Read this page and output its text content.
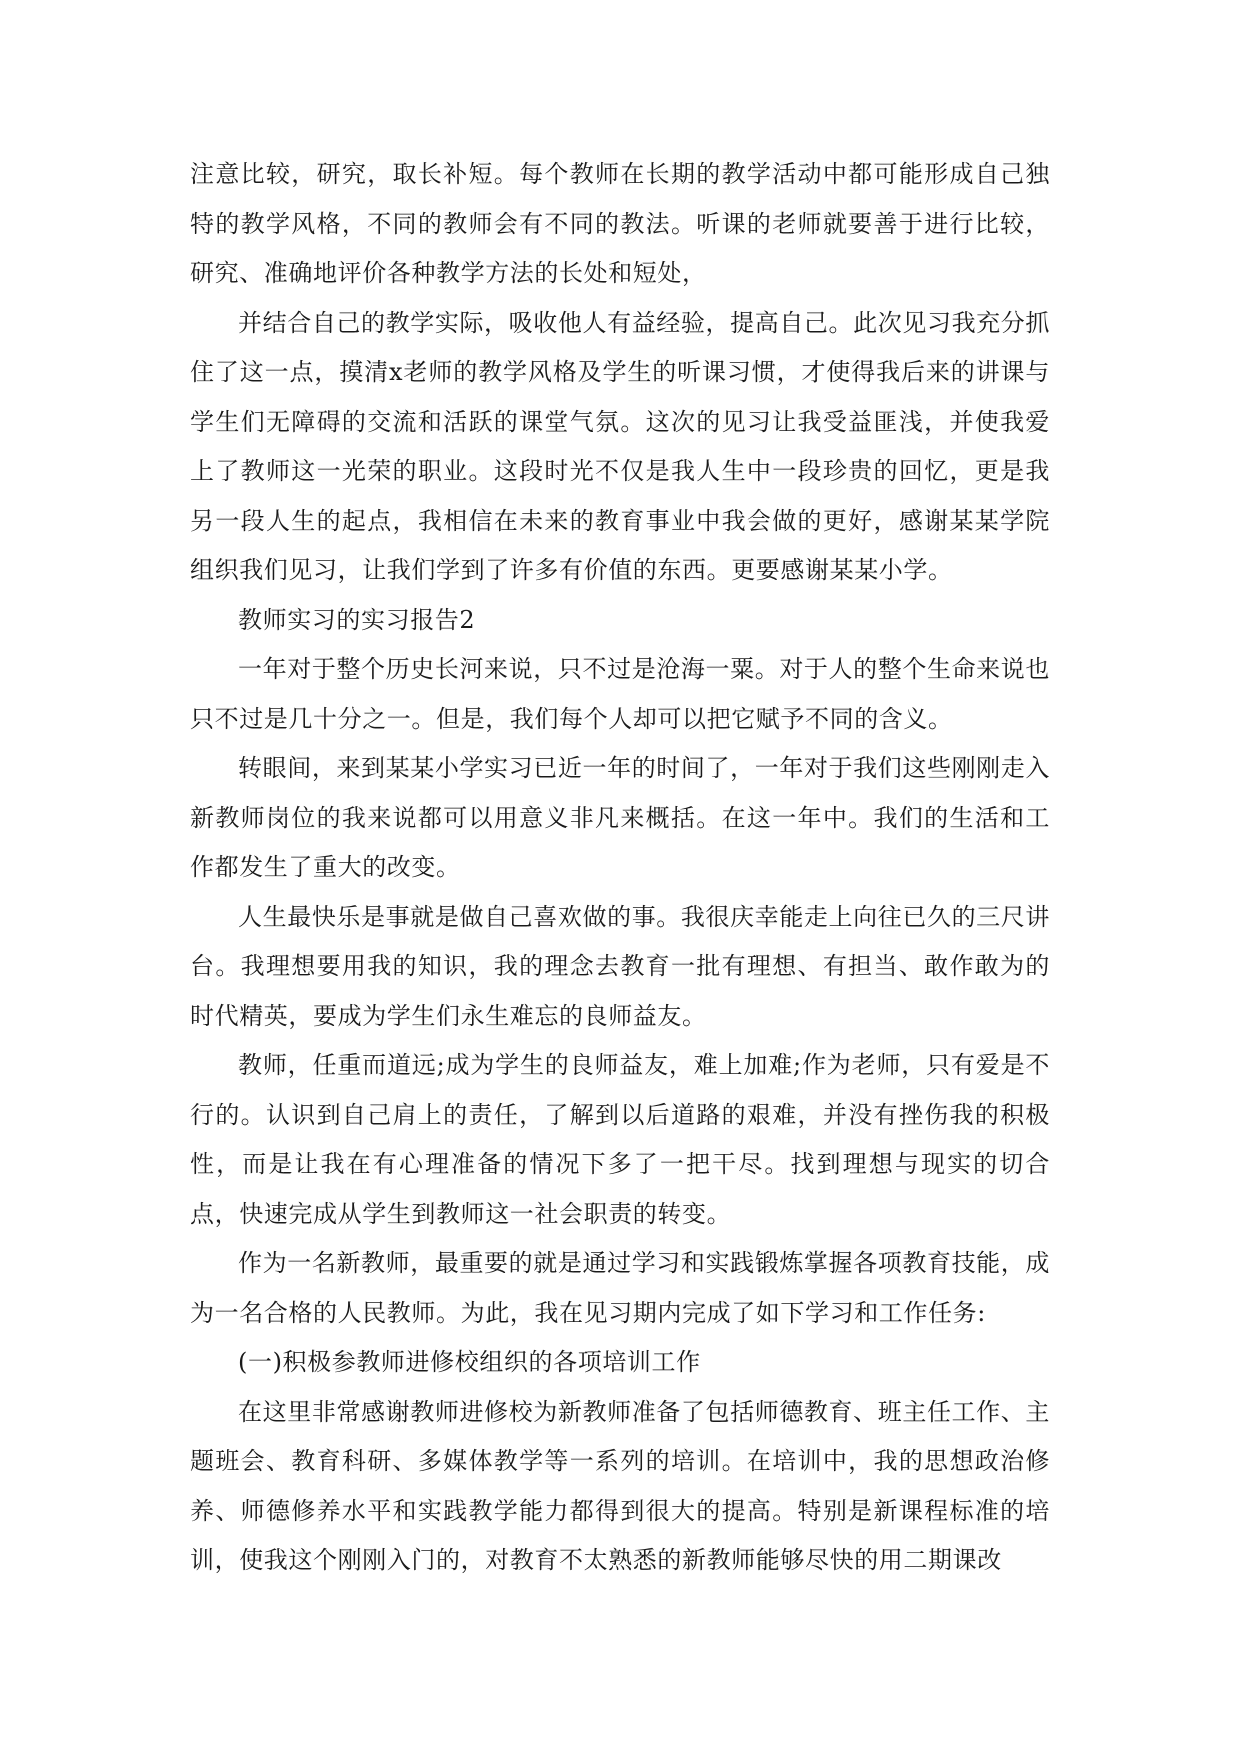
注意比较，研究，取长补短。每个教师在长期的教学活动中都可能形成自己独特的教学风格，不同的教师会有不同的教法。听课的老师就要善于进行比较，研究、准确地评价各种教学方法的长处和短处，

并结合自己的教学实际，吸收他人有益经验，提高自己。此次见习我充分抓住了这一点，摸清x老师的教学风格及学生的听课习惯，才使得我后来的讲课与学生们无障碍的交流和活跃的课堂气氛。这次的见习让我受益匪浅，并使我爱上了教师这一光荣的职业。这段时光不仅是我人生中一段珍贵的回忆，更是我另一段人生的起点，我相信在未来的教育事业中我会做的更好，感谢某某学院组织我们见习，让我们学到了许多有价值的东西。更要感谢某某小学。

教师实习的实习报告2

一年对于整个历史长河来说，只不过是沧海一粟。对于人的整个生命来说也只不过是几十分之一。但是，我们每个人却可以把它赋予不同的含义。

转眼间，来到某某小学实习已近一年的时间了，一年对于我们这些刚刚走入新教师岗位的我来说都可以用意义非凡来概括。在这一年中。我们的生活和工作都发生了重大的改变。

人生最快乐是事就是做自己喜欢做的事。我很庆幸能走上向往已久的三尺讲台。我理想要用我的知识，我的理念去教育一批有理想、有担当、敢作敢为的时代精英，要成为学生们永生难忘的良师益友。

教师，任重而道远;成为学生的良师益友，难上加难;作为老师，只有爱是不行的。认识到自己肩上的责任，了解到以后道路的艰难，并没有挫伤我的积极性，而是让我在有心理准备的情况下多了一把干尽。找到理想与现实的切合点，快速完成从学生到教师这一社会职责的转变。

作为一名新教师，最重要的就是通过学习和实践锻炼掌握各项教育技能，成为一名合格的人民教师。为此，我在见习期内完成了如下学习和工作任务:

(一)积极参教师进修校组织的各项培训工作

在这里非常感谢教师进修校为新教师准备了包括师德教育、班主任工作、主题班会、教育科研、多媒体教学等一系列的培训。在培训中，我的思想政治修养、师德修养水平和实践教学能力都得到很大的提高。特别是新课程标准的培训，使我这个刚刚入门的，对教育不太熟悉的新教师能够尽快的用二期课改
